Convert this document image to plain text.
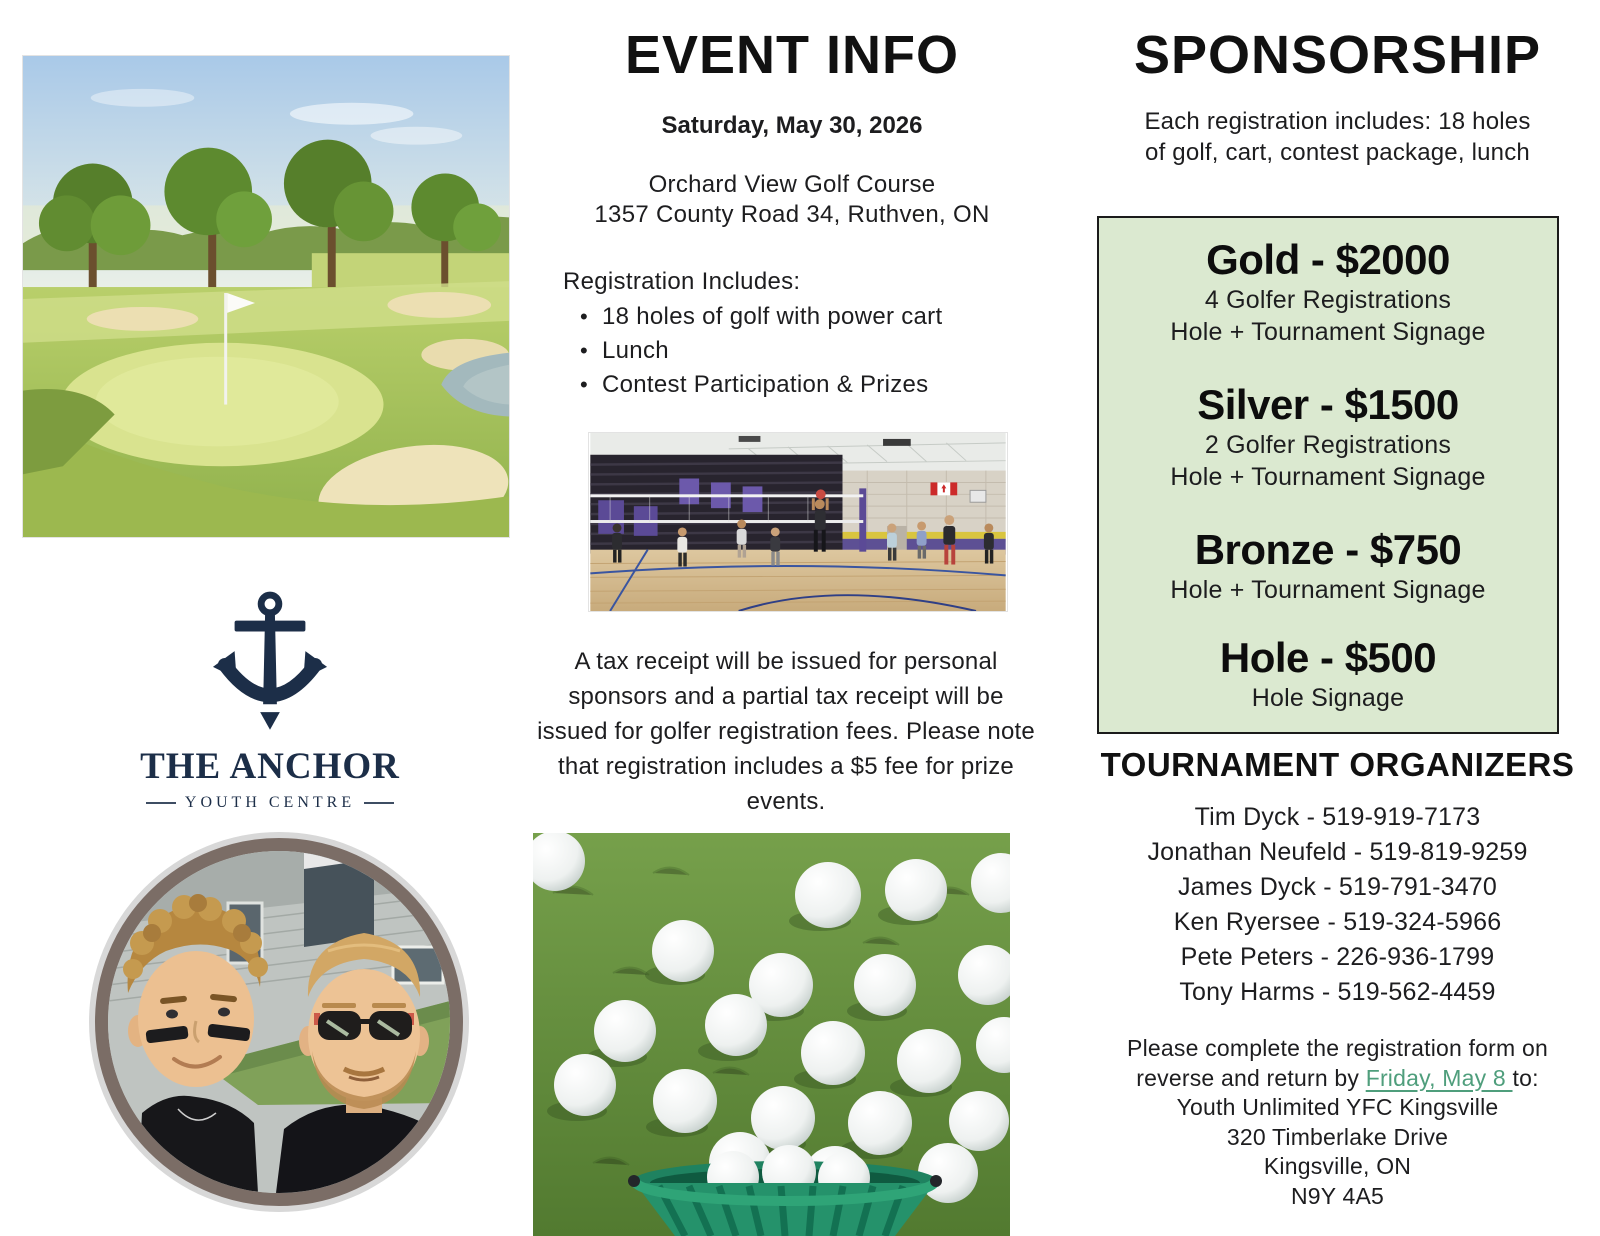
THE ANCHOR
YOUTH CENTRE
EVENT INFO
Saturday, May 30, 2026
Orchard View Golf Course
1357 County Road 34, Ruthven, ON
Registration Includes:
• 18 holes of golf with power cart
• Lunch
• Contest Participation & Prizes

A tax receipt will be issued for personal sponsors and a partial tax receipt will be issued for golfer registration fees. Please note that registration includes a $5 fee for prize events.

SPONSORSHIP
Each registration includes: 18 holes
of golf, cart, contest package, lunch
Gold - $2000
4 Golfer Registrations
Hole + Tournament Signage
Silver - $1500
2 Golfer Registrations
Hole + Tournament Signage
Bronze - $750
Hole + Tournament Signage
Hole - $500
Hole Signage
TOURNAMENT ORGANIZERS
Tim Dyck - 519-919-7173
Jonathan Neufeld - 519-819-9259
James Dyck - 519-791-3470
Ken Ryersee - 519-324-5966
Pete Peters - 226-936-1799
Tony Harms - 519-562-4459
Please complete the registration form on
reverse and return by Friday, May 8 to:
Youth Unlimited YFC Kingsville
320 Timberlake Drive
Kingsville, ON
N9Y 4A5
